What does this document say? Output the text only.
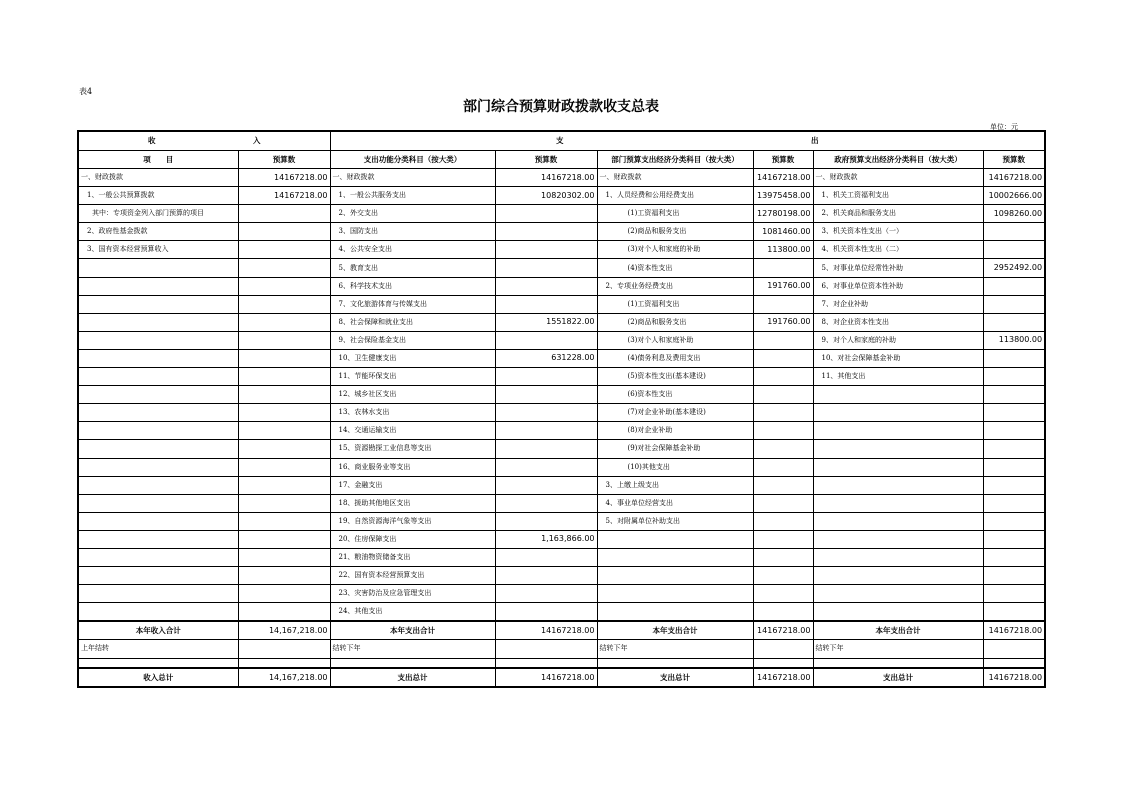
表4
部门综合预算财政拨款收支总表
单位：元
收　　　　　　　　　　　　　入		支　　　　　　　　　　　　　　　　　　　　　　　　　　　　　　　　　出					
项　　目	预算数	支出功能分类科目（按大类）	预算数	部门预算支出经济分类科目（按大类）	预算数	政府预算支出经济分类科目（按大类）	预算数
一、财政拨款	14167218.00	一、财政拨款	14167218.00	一、财政拨款	14167218.00	一、财政拨款	14167218.00
1、一般公共预算拨款	14167218.00	1、一般公共服务支出	10820302.00	1、人员经费和公用经费支出	13975458.00	1、机关工资福利支出	10002666.00
其中：专项资金列入部门预算的项目		2、外交支出		(1)工资福利支出	12780198.00	2、机关商品和服务支出	1098260.00
2、政府性基金拨款		3、国防支出		(2)商品和服务支出	1081460.00	3、机关资本性支出（一）	
3、国有资本经营预算收入		4、公共安全支出		(3)对个人和家庭的补助	113800.00	4、机关资本性支出（二）	
		5、教育支出		(4)资本性支出		5、对事业单位经常性补助	2952492.00
		6、科学技术支出		2、专项业务经费支出	191760.00	6、对事业单位资本性补助	
		7、文化旅游体育与传媒支出		(1)工资福利支出		7、对企业补助	
		8、社会保障和就业支出	1551822.00	(2)商品和服务支出	191760.00	8、对企业资本性支出	
		9、社会保险基金支出		(3)对个人和家庭补助		9、对个人和家庭的补助	113800.00
		10、卫生健康支出	631228.00	(4)债务利息及费用支出		10、对社会保障基金补助	
		11、节能环保支出		(5)资本性支出(基本建设)		11、其他支出	
		12、城乡社区支出		(6)资本性支出			
		13、农林水支出		(7)对企业补助(基本建设)			
		14、交通运输支出		(8)对企业补助			
		15、资源勘探工业信息等支出		(9)对社会保障基金补助			
		16、商业服务业等支出		(10)其他支出			
		17、金融支出		3、上缴上级支出			
		18、援助其他地区支出		4、事业单位经营支出			
		19、自然资源海洋气象等支出		5、对附属单位补助支出			
		20、住房保障支出	1,163,866.00				
		21、粮油物资储备支出					
		22、国有资本经营预算支出					
		23、灾害防治及应急管理支出					
		24、其他支出					
本年收入合计	14,167,218.00	本年支出合计	14167218.00	本年支出合计	14167218.00	本年支出合计	14167218.00
上年结转		结转下年		结转下年		结转下年	

收入总计	14,167,218.00	支出总计	14167218.00	支出总计	14167218.00	支出总计	14167218.00
